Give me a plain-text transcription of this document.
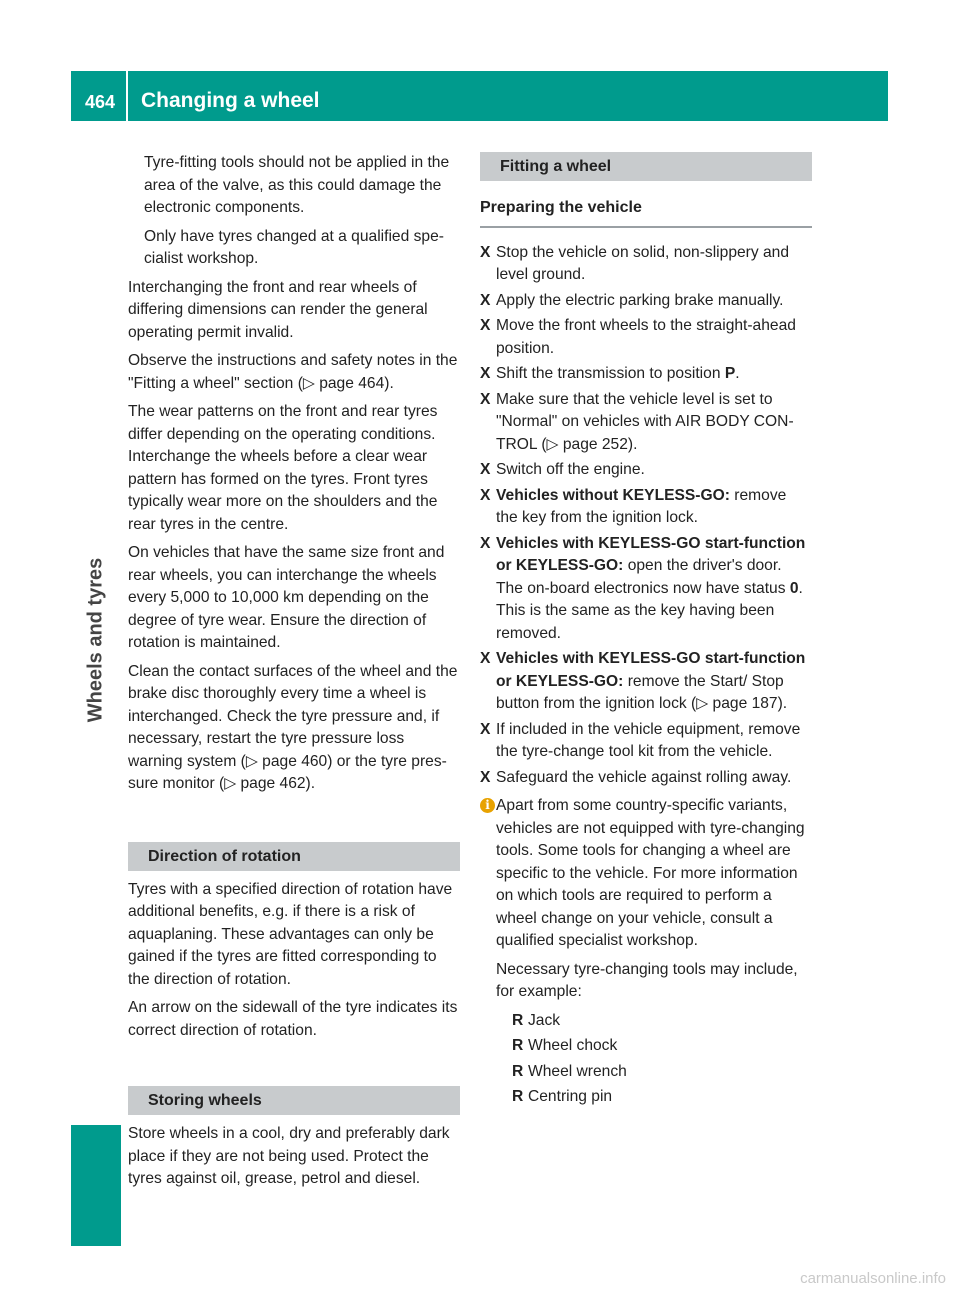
464 Changing a wheel
Wheels and tyres

Tyre-fitting tools should not be applied in the area of the valve, as this could damage the electronic components.

Only have tyres changed at a qualified specialist workshop.

Interchanging the front and rear wheels of differing dimensions can render the general operating permit invalid.

Observe the instructions and safety notes in the "Fitting a wheel" section (▷ page 464).

The wear patterns on the front and rear tyres differ depending on the operating conditions. Interchange the wheels before a clear wear pattern has formed on the tyres. Front tyres typically wear more on the shoulders and the rear tyres in the centre.

On vehicles that have the same size front and rear wheels, you can interchange the wheels every 5,000 to 10,000 km depending on the degree of tyre wear. Ensure the direction of rotation is maintained.

Clean the contact surfaces of the wheel and the brake disc thoroughly every time a wheel is interchanged. Check the tyre pressure and, if necessary, restart the tyre pressure loss warning system (▷ page 460) or the tyre pressure monitor (▷ page 462).

Direction of rotation

Tyres with a specified direction of rotation have additional benefits, e.g. if there is a risk of aquaplaning. These advantages can only be gained if the tyres are fitted corresponding to the direction of rotation.

An arrow on the sidewall of the tyre indicates its correct direction of rotation.

Storing wheels

Store wheels in a cool, dry and preferably dark place if they are not being used. Protect the tyres against oil, grease, petrol and diesel.

Fitting a wheel
Preparing the vehicle
X Stop the vehicle on solid, non-slippery and level ground.
X Apply the electric parking brake manually.
X Move the front wheels to the straight-ahead position.
X Shift the transmission to position P.
X Make sure that the vehicle level is set to "Normal" on vehicles with AIR BODY CONTROL (▷ page 252).
X Switch off the engine.
X Vehicles without KEYLESS-GO: remove the key from the ignition lock.
X Vehicles with KEYLESS-GO start-function or KEYLESS-GO: open the driver's door.
The on-board electronics now have status 0. This is the same as the key having been removed.
X Vehicles with KEYLESS-GO start-function or KEYLESS-GO: remove the Start/ Stop button from the ignition lock (▷ page 187).
X If included in the vehicle equipment, remove the tyre-change tool kit from the vehicle.
X Safeguard the vehicle against rolling away.
i Apart from some country-specific variants, vehicles are not equipped with tyre-changing tools. Some tools for changing a wheel are specific to the vehicle. For more information on which tools are required to perform a wheel change on your vehicle, consult a qualified specialist workshop.

Necessary tyre-changing tools may include, for example:

R Jack
R Wheel chock
R Wheel wrench
R Centring pin
carmanualsonline.info
